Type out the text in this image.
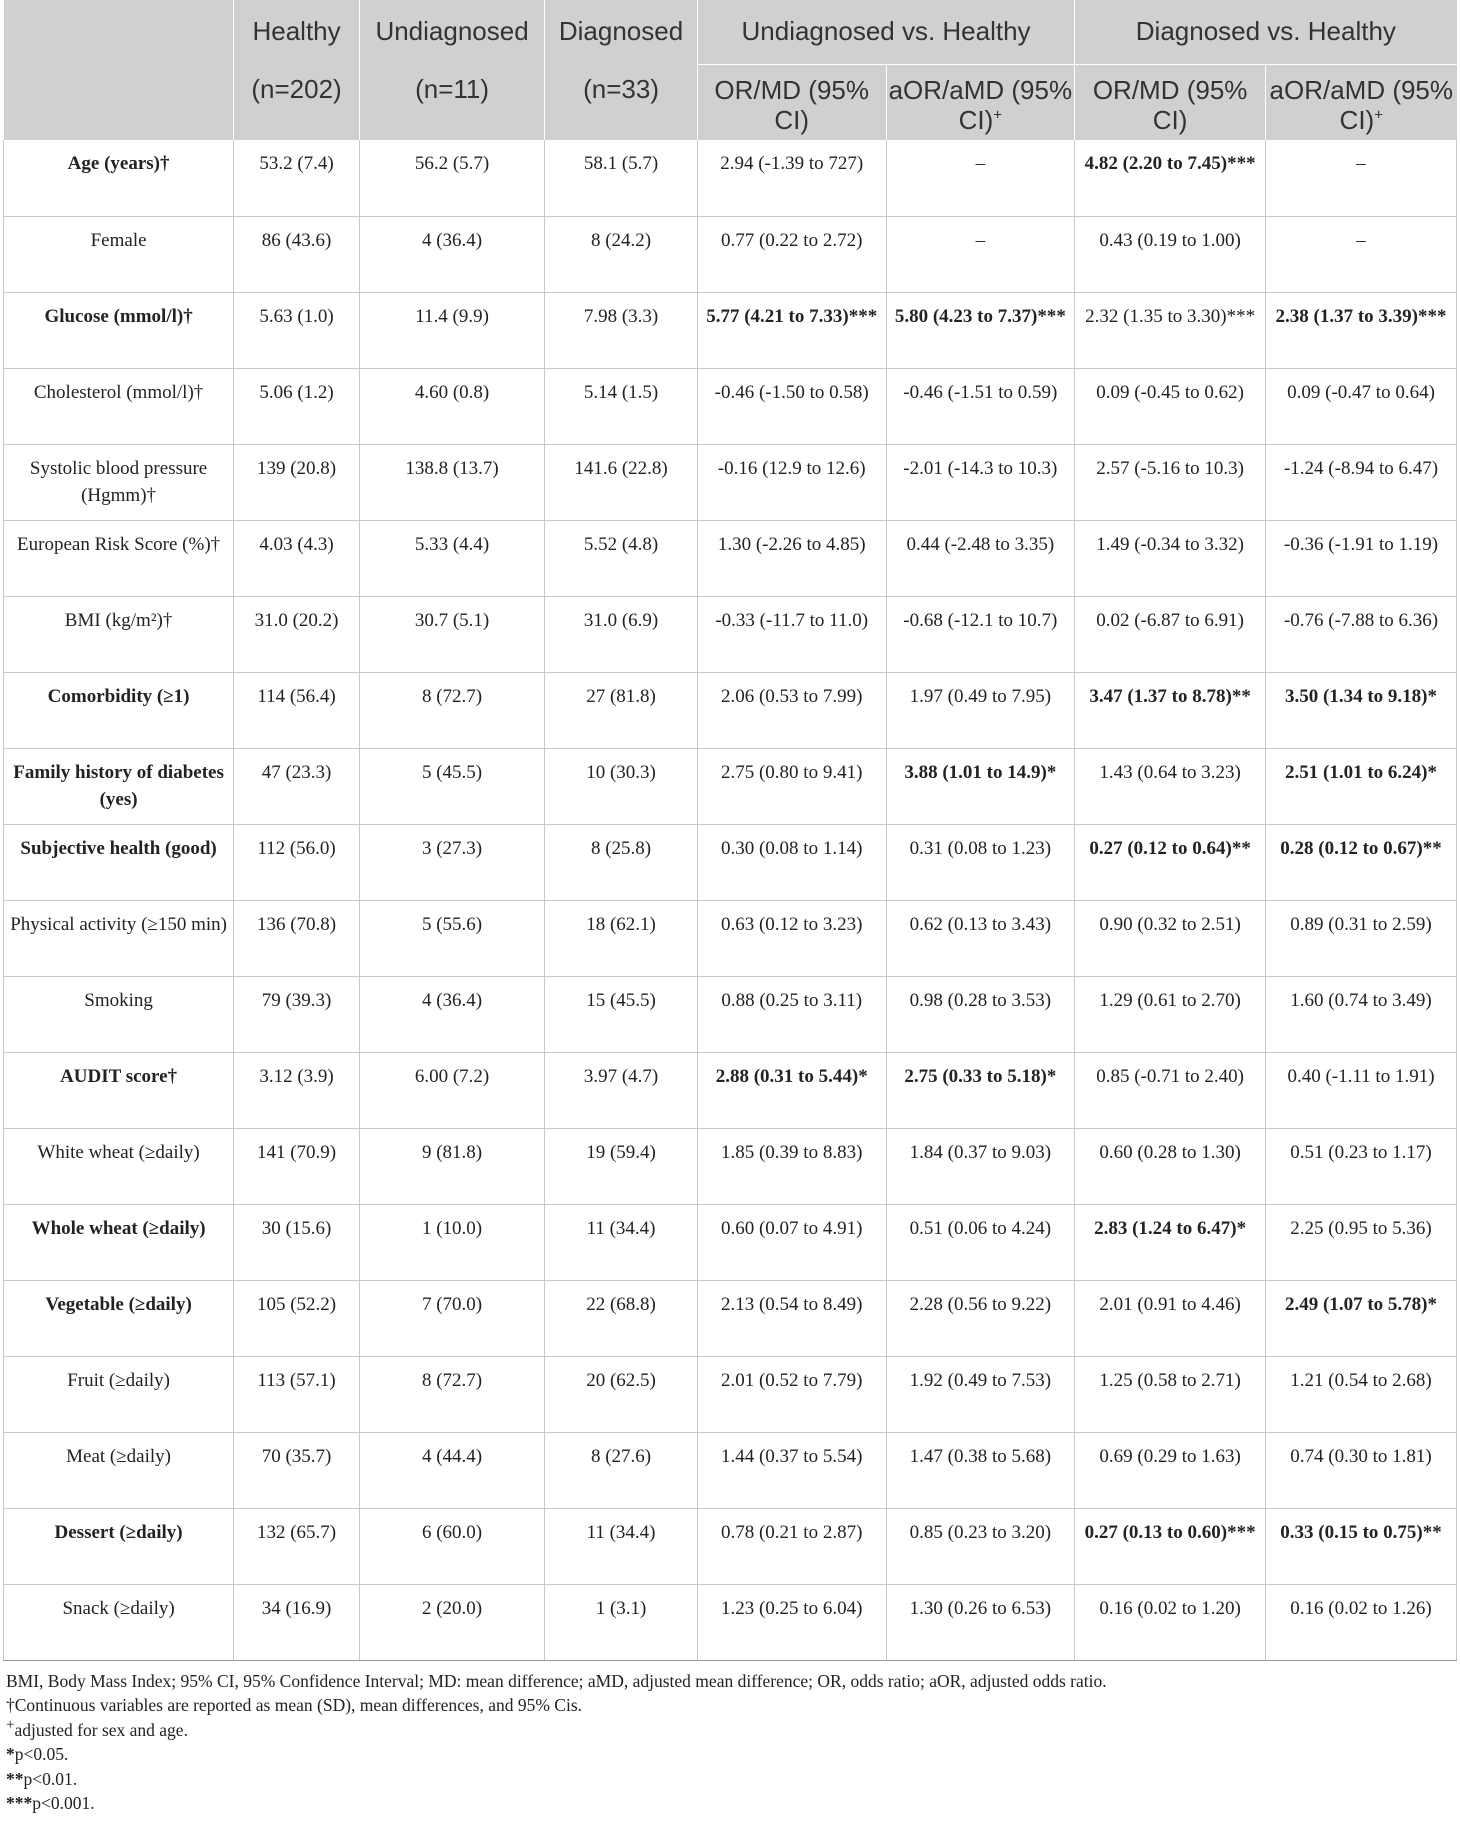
	Healthy	Undiagnosed	Diagnosed	Undiagnosed vs. Healthy		Diagnosed vs. Healthy	
	(n=202)	(n=11)	(n=33)	OR/MD (95% CI)	aOR/aMD (95% CI)+	OR/MD (95% CI)	aOR/aMD (95% CI)+
Age (years)†	53.2 (7.4)	56.2 (5.7)	58.1 (5.7)	2.94 (-1.39 to 727)	–	4.82 (2.20 to 7.45)***	–
Female	86 (43.6)	4 (36.4)	8 (24.2)	0.77 (0.22 to 2.72)	–	0.43 (0.19 to 1.00)	–
Glucose (mmol/l)†	5.63 (1.0)	11.4 (9.9)	7.98 (3.3)	5.77 (4.21 to 7.33)***	5.80 (4.23 to 7.37)***	2.32 (1.35 to 3.30)***	2.38 (1.37 to 3.39)***
Cholesterol (mmol/l)†	5.06 (1.2)	4.60 (0.8)	5.14 (1.5)	-0.46 (-1.50 to 0.58)	-0.46 (-1.51 to 0.59)	0.09 (-0.45 to 0.62)	0.09 (-0.47 to 0.64)
Systolic blood pressure (Hgmm)†	139 (20.8)	138.8 (13.7)	141.6 (22.8)	-0.16 (12.9 to 12.6)	-2.01 (-14.3 to 10.3)	2.57 (-5.16 to 10.3)	-1.24 (-8.94 to 6.47)
European Risk Score (%)†	4.03 (4.3)	5.33 (4.4)	5.52 (4.8)	1.30 (-2.26 to 4.85)	0.44 (-2.48 to 3.35)	1.49 (-0.34 to 3.32)	-0.36 (-1.91 to 1.19)
BMI (kg/m²)†	31.0 (20.2)	30.7 (5.1)	31.0 (6.9)	-0.33 (-11.7 to 11.0)	-0.68 (-12.1 to 10.7)	0.02 (-6.87 to 6.91)	-0.76 (-7.88 to 6.36)
Comorbidity (≥1)	114 (56.4)	8 (72.7)	27 (81.8)	2.06 (0.53 to 7.99)	1.97 (0.49 to 7.95)	3.47 (1.37 to 8.78)**	3.50 (1.34 to 9.18)*
Family history of diabetes (yes)	47 (23.3)	5 (45.5)	10 (30.3)	2.75 (0.80 to 9.41)	3.88 (1.01 to 14.9)*	1.43 (0.64 to 3.23)	2.51 (1.01 to 6.24)*
Subjective health (good)	112 (56.0)	3 (27.3)	8 (25.8)	0.30 (0.08 to 1.14)	0.31 (0.08 to 1.23)	0.27 (0.12 to 0.64)**	0.28 (0.12 to 0.67)**
Physical activity (≥150 min)	136 (70.8)	5 (55.6)	18 (62.1)	0.63 (0.12 to 3.23)	0.62 (0.13 to 3.43)	0.90 (0.32 to 2.51)	0.89 (0.31 to 2.59)
Smoking	79 (39.3)	4 (36.4)	15 (45.5)	0.88 (0.25 to 3.11)	0.98 (0.28 to 3.53)	1.29 (0.61 to 2.70)	1.60 (0.74 to 3.49)
AUDIT score†	3.12 (3.9)	6.00 (7.2)	3.97 (4.7)	2.88 (0.31 to 5.44)*	2.75 (0.33 to 5.18)*	0.85 (-0.71 to 2.40)	0.40 (-1.11 to 1.91)
White wheat (≥daily)	141 (70.9)	9 (81.8)	19 (59.4)	1.85 (0.39 to 8.83)	1.84 (0.37 to 9.03)	0.60 (0.28 to 1.30)	0.51 (0.23 to 1.17)
Whole wheat (≥daily)	30 (15.6)	1 (10.0)	11 (34.4)	0.60 (0.07 to 4.91)	0.51 (0.06 to 4.24)	2.83 (1.24 to 6.47)*	2.25 (0.95 to 5.36)
Vegetable (≥daily)	105 (52.2)	7 (70.0)	22 (68.8)	2.13 (0.54 to 8.49)	2.28 (0.56 to 9.22)	2.01 (0.91 to 4.46)	2.49 (1.07 to 5.78)*
Fruit (≥daily)	113 (57.1)	8 (72.7)	20 (62.5)	2.01 (0.52 to 7.79)	1.92 (0.49 to 7.53)	1.25 (0.58 to 2.71)	1.21 (0.54 to 2.68)
Meat (≥daily)	70 (35.7)	4 (44.4)	8 (27.6)	1.44 (0.37 to 5.54)	1.47 (0.38 to 5.68)	0.69 (0.29 to 1.63)	0.74 (0.30 to 1.81)
Dessert (≥daily)	132 (65.7)	6 (60.0)	11 (34.4)	0.78 (0.21 to 2.87)	0.85 (0.23 to 3.20)	0.27 (0.13 to 0.60)***	0.33 (0.15 to 0.75)**
Snack (≥daily)	34 (16.9)	2 (20.0)	1 (3.1)	1.23 (0.25 to 6.04)	1.30 (0.26 to 6.53)	0.16 (0.02 to 1.20)	0.16 (0.02 to 1.26)

BMI, Body Mass Index; 95% CI, 95% Confidence Interval; MD: mean difference; aMD, adjusted mean difference; OR, odds ratio; aOR, adjusted odds ratio.

†Continuous variables are reported as mean (SD), mean differences, and 95% Cis.

+adjusted for sex and age.

*p<0.05.

**p<0.01.

***p<0.001.
